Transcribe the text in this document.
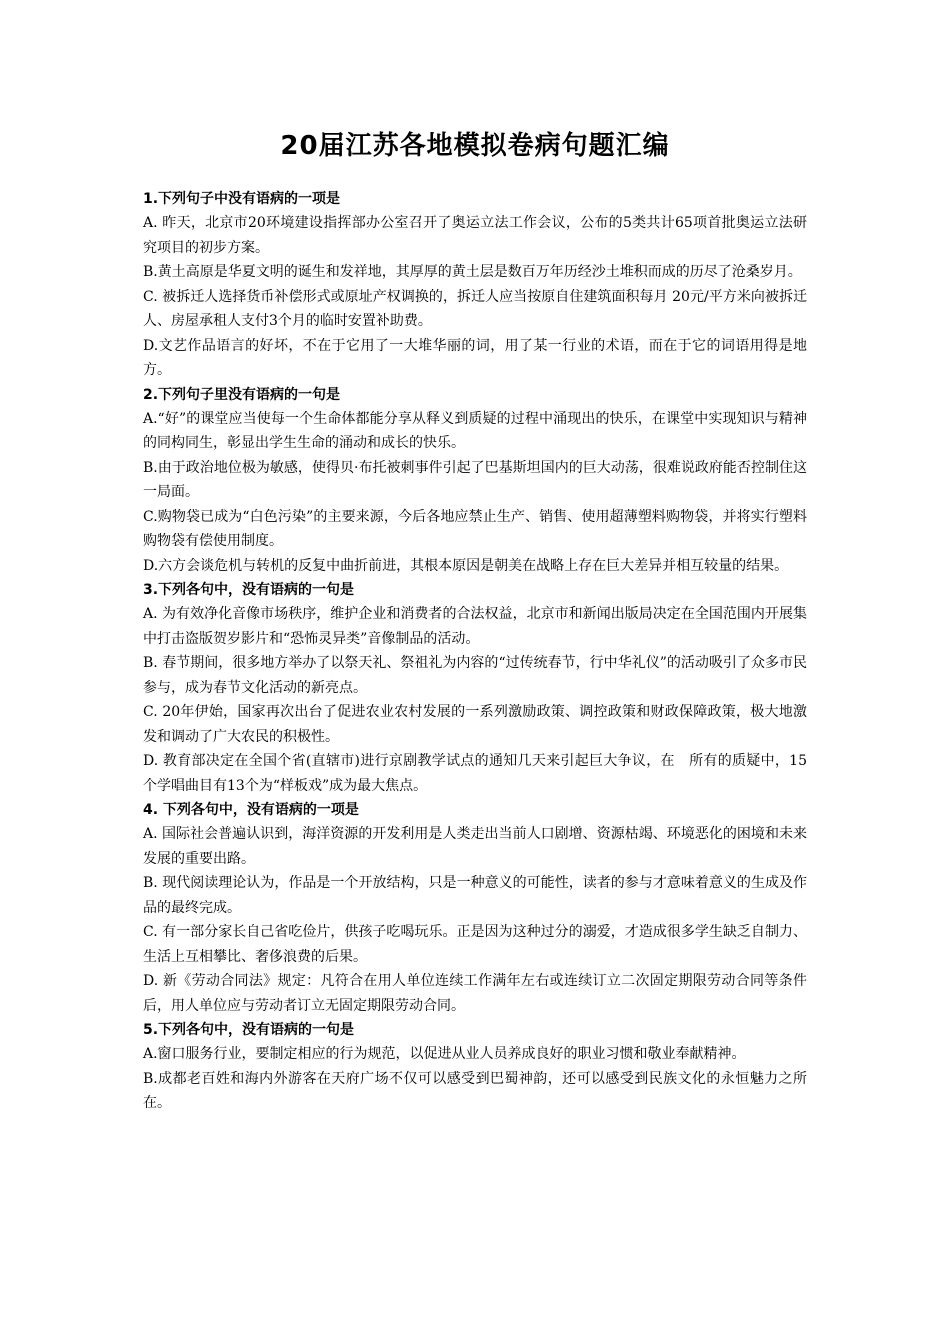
20届江苏各地模拟卷病句题汇编

1.下列句子中没有语病的一项是

A. 昨天，北京市20环境建设指挥部办公室召开了奥运立法工作会议，公布的5类共计65项首批奥运立法研究项目的初步方案。

B.黄土高原是华夏文明的诞生和发祥地，其厚厚的黄土层是数百万年历经沙土堆积而成的历尽了沧桑岁月。

C. 被拆迁人选择货币补偿形式或原址产权调换的，拆迁人应当按原自住建筑面积每月 20元/平方米向被拆迁人、房屋承租人支付3个月的临时安置补助费。

D.文艺作品语言的好坏，不在于它用了一大堆华丽的词，用了某一行业的术语，而在于它的词语用得是地方。

2.下列句子里没有语病的一句是

A.“好”的课堂应当使每一个生命体都能分享从释义到质疑的过程中涌现出的快乐，在课堂中实现知识与精神的同构同生，彰显出学生生命的涌动和成长的快乐。

B.由于政治地位极为敏感，使得贝·布托被刺事件引起了巴基斯坦国内的巨大动荡，很难说政府能否控制住这一局面。

C.购物袋已成为“白色污染”的主要来源，今后各地应禁止生产、销售、使用超薄塑料购物袋，并将实行塑料购物袋有偿使用制度。

D.六方会谈危机与转机的反复中曲折前进，其根本原因是朝美在战略上存在巨大差异并相互较量的结果。

3.下列各句中，没有语病的一句是

A. 为有效净化音像市场秩序，维护企业和消费者的合法权益，北京市和新闻出版局决定在全国范围内开展集中打击盗版贺岁影片和“恐怖灵异类”音像制品的活动。

B. 春节期间，很多地方举办了以祭天礼、祭祖礼为内容的“过传统春节，行中华礼仪”的活动吸引了众多市民参与，成为春节文化活动的新亮点。

C. 20年伊始，国家再次出台了促进农业农村发展的一系列激励政策、调控政策和财政保障政策，极大地激发和调动了广大农民的积极性。

D. 教育部决定在全国个省(直辖市)进行京剧教学试点的通知几天来引起巨大争议，在　所有的质疑中，15个学唱曲目有13个为“样板戏”成为最大焦点。

4. 下列各句中，没有语病的一项是

A. 国际社会普遍认识到，海洋资源的开发利用是人类走出当前人口剧增、资源枯竭、环境恶化的困境和未来发展的重要出路。

B. 现代阅读理论认为，作品是一个开放结构，只是一种意义的可能性，读者的参与才意味着意义的生成及作品的最终完成。

C. 有一部分家长自己省吃俭片，供孩子吃喝玩乐。正是因为这种过分的溺爱，才造成很多学生缺乏自制力、生活上互相攀比、奢侈浪费的后果。

D. 新《劳动合同法》规定：凡符合在用人单位连续工作满年左右或连续订立二次固定期限劳动合同等条件后，用人单位应与劳动者订立无固定期限劳动合同。

5.下列各句中，没有语病的一句是

A.窗口服务行业，要制定相应的行为规范，以促进从业人员养成良好的职业习惯和敬业奉献精神。

B.成都老百姓和海内外游客在天府广场不仅可以感受到巴蜀神韵，还可以感受到民族文化的永恒魅力之所在。
